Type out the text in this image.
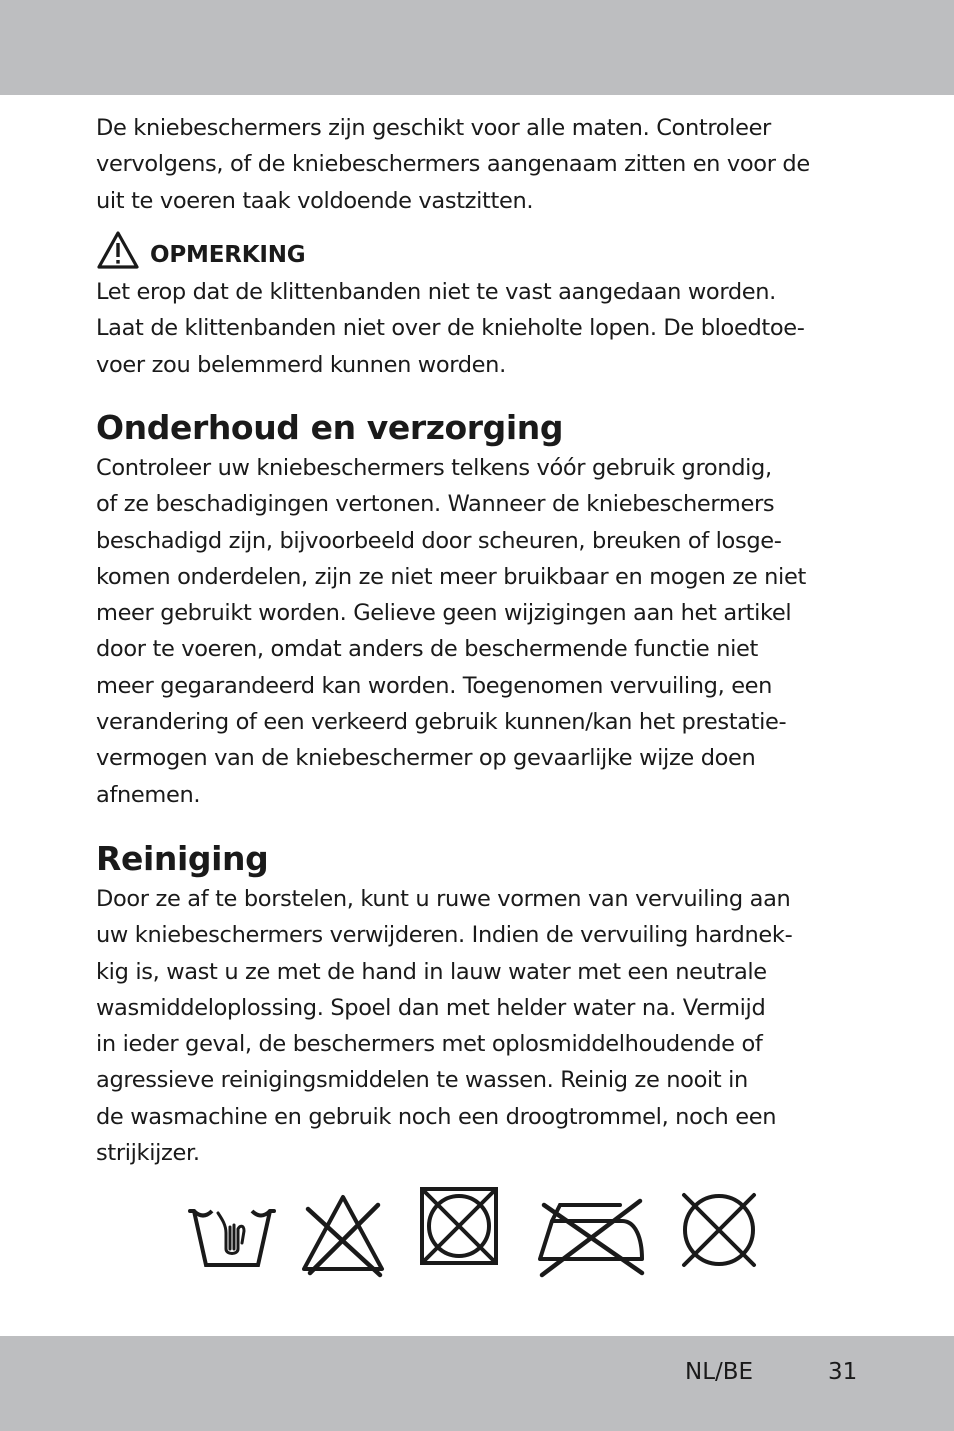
De kniebeschermers zijn geschikt voor alle maten. Controleer

vervolgens, of de kniebeschermers aangenaam zitten en voor de

uit te voeren taak voldoende vastzitten.

OPMERKING

Let erop dat de klittenbanden niet te vast aangedaan worden.

Laat de klittenbanden niet over de knieholte lopen. De bloedtoe-

voer zou belemmerd kunnen worden.

Onderhoud en verzorging

Controleer uw kniebeschermers telkens vóór gebruik grondig,

of ze beschadigingen vertonen. Wanneer de kniebeschermers

beschadigd zijn, bijvoorbeeld door scheuren, breuken of losge-

komen onderdelen, zijn ze niet meer bruikbaar en mogen ze niet

meer gebruikt worden. Gelieve geen wijzigingen aan het artikel

door te voeren, omdat anders de beschermende functie niet

meer gegarandeerd kan worden. Toegenomen vervuiling, een

verandering of een verkeerd gebruik kunnen/kan het prestatie-

vermogen van de kniebeschermer op gevaarlijke wijze doen

afnemen.

Reiniging

Door ze af te borstelen, kunt u ruwe vormen van vervuiling aan

uw kniebeschermers verwijderen. Indien de vervuiling hardnek-

kig is, wast u ze met de hand in lauw water met een neutrale

wasmiddeloplossing. Spoel dan met helder water na. Vermijd

in ieder geval, de beschermers met oplosmiddelhoudende of

agressieve reinigingsmiddelen te wassen. Reinig ze nooit in

de wasmachine en gebruik noch een droogtrommel, noch een

strijkijzer.

NL/BE	31
